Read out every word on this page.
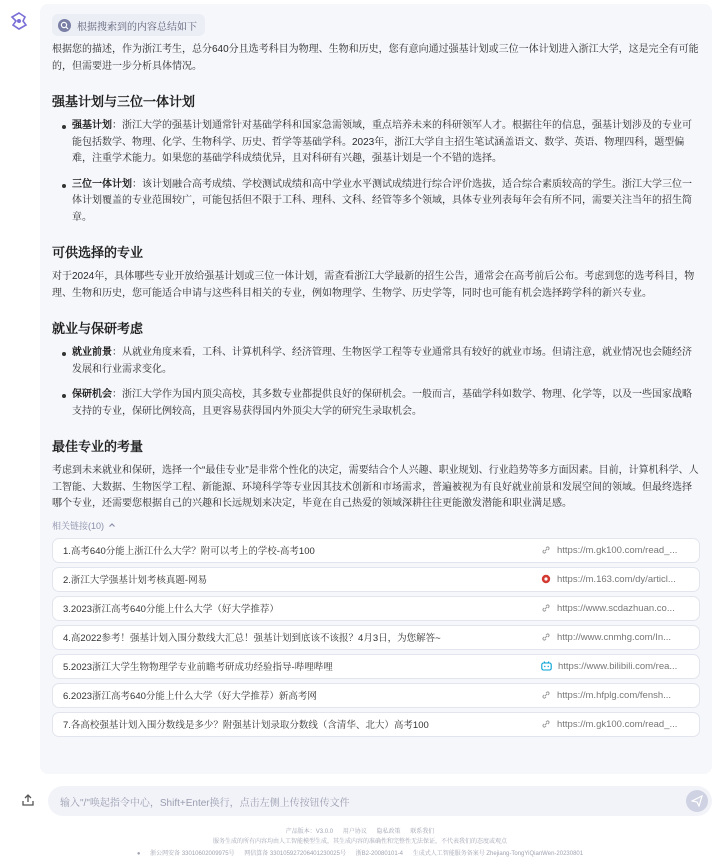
根据搜索到的内容总结如下

根据您的描述，作为浙江考生，总分640分且选考科目为物理、生物和历史，您有意向通过强基计划或三位一体计划进入浙江大学，这是完全有可能的，但需要进一步分析具体情况。

强基计划与三位一体计划
强基计划：浙江大学的强基计划通常针对基础学科和国家急需领域，重点培养未来的科研领军人才。根据往年的信息，强基计划涉及的专业可能包括数学、物理、化学、生物科学、历史、哲学等基础学科。2023年，浙江大学自主招生笔试涵盖语文、数学、英语、物理四科，题型偏难，注重学术能力。如果您的基础学科成绩优异，且对科研有兴趣，强基计划是一个不错的选择。
三位一体计划：该计划融合高考成绩、学校测试成绩和高中学业水平测试成绩进行综合评价选拔，适合综合素质较高的学生。浙江大学三位一体计划覆盖的专业范围较广，可能包括但不限于工科、理科、文科、经管等多个领域，具体专业列表每年会有所不同，需要关注当年的招生简章。
可供选择的专业

对于2024年，具体哪些专业开放给强基计划或三位一体计划，需查看浙江大学最新的招生公告，通常会在高考前后公布。考虑到您的选考科目，物理、生物和历史，您可能适合申请与这些科目相关的专业，例如物理学、生物学、历史学等，同时也可能有机会选择跨学科的新兴专业。

就业与保研考虑
就业前景：从就业角度来看，工科、计算机科学、经济管理、生物医学工程等专业通常具有较好的就业市场。但请注意，就业情况也会随经济发展和行业需求变化。
保研机会：浙江大学作为国内顶尖高校，其多数专业都提供良好的保研机会。一般而言，基础学科如数学、物理、化学等，以及一些国家战略支持的专业，保研比例较高，且更容易获得国内外顶尖大学的研究生录取机会。
最佳专业的考量

考虑到未来就业和保研，选择一个“最佳专业”是非常个性化的决定，需要结合个人兴趣、职业规划、行业趋势等多方面因素。目前，计算机科学、人工智能、大数据、生物医学工程、新能源、环境科学等专业因其技术创新和市场需求，普遍被视为有良好就业前景和发展空间的领域。但最终选择哪个专业，还需要您根据自己的兴趣和长远规划来决定，毕竟在自己热爱的领域深耕往往更能激发潜能和职业满足感。

相关链接(10)
1.高考640分能上浙江什么大学？附可以考上的学校-高考100	https://m.gk100.com/read_...
2.浙江大学强基计划考核真题-网易	https://m.163.com/dy/articl...
3.2023浙江高考640分能上什么大学（好大学推荐）	https://www.scdazhuan.co...
4.高2022参考！强基计划入围分数线大汇总！强基计划到底该不该报？4月3日，为您解答~	http://www.cnmhg.com/In...
5.2023浙江大学生物物理学专业前瞻考研成功经验指导-哔哩哔哩	https://www.bilibili.com/rea...
6.2023浙江高考640分能上什么大学（好大学推荐）新高考网	https://m.hfplg.com/fensh...
7.各高校强基计划入围分数线是多少？附强基计划录取分数线（含清华、北大）高考100	https://m.gk100.com/read_...
输入"/"唤起指令中心，Shift+Enter换行，点击左侧上传按钮传文件
产品版本：V3.0.0 用户协议 隐私政策 联系我们
服务生成的所有内容均由人工智能模型生成，其生成内容的准确性和完整性无法保证，不代表我们的态度或观点
● 浙公网安备 33010602009975号 网信算备 330105927206401230025号 浙B2-20080101-4 生成式人工智能服务备案号 Zhejiang-TongYiQianWen-20230801
